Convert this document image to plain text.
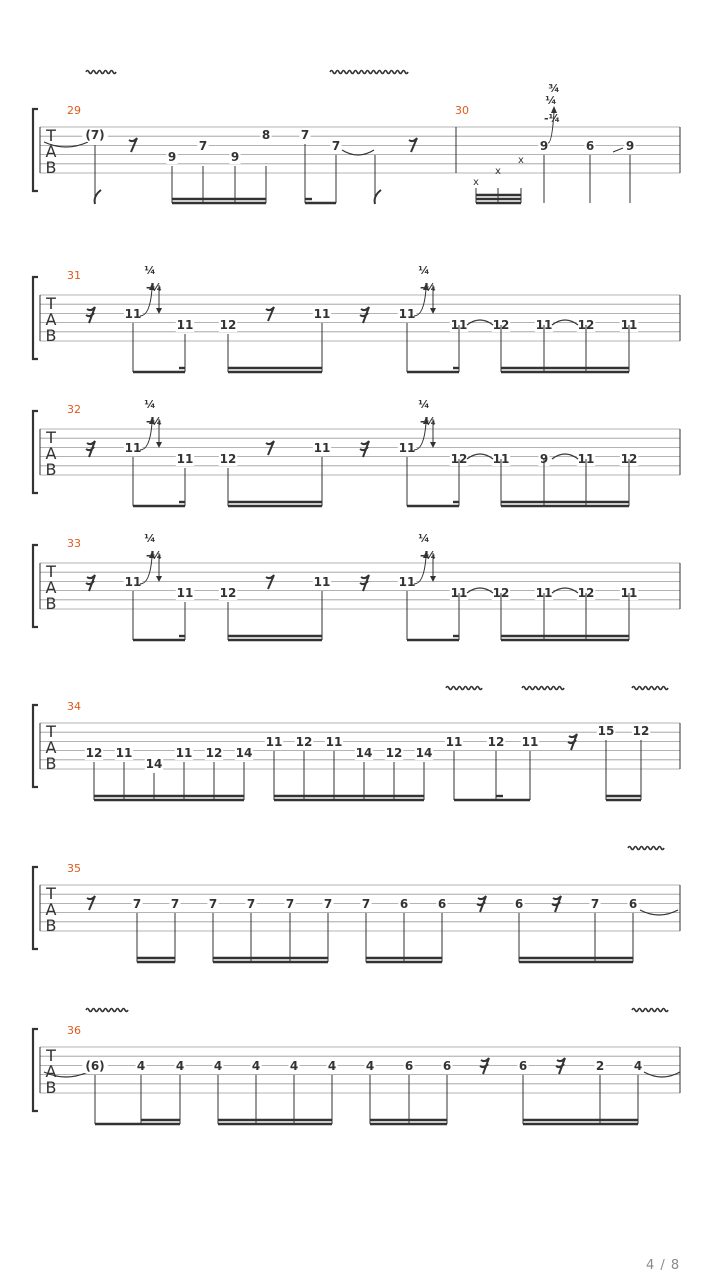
T
A
B
29	30
(7)
9
7
9
8	7
7
x
x
x
9	6	9
¾
¼
-¼
T
A
B
31
11
11 12
11	11
11 12 11 12 11
¼
-¼
¼
-¼
T
A
B
32
11
11 12
11	11
12 11	9 11 12
¼
-¼
¼
-¼
T
A
B
33
11
11 12
11	11
11 12 11 12 11
¼
-¼
¼
-¼
T
A
B
34
12 11
14
11 12 14
11 12 11
14 12 14
11 12 11
15 12
T
A
B
35
7 7 7 7	7 7 7 6 6	6	7 6
T
A
B
36
(6)	4	4 4 4 4 4 4	6 6	6	2 4
4 / 8
